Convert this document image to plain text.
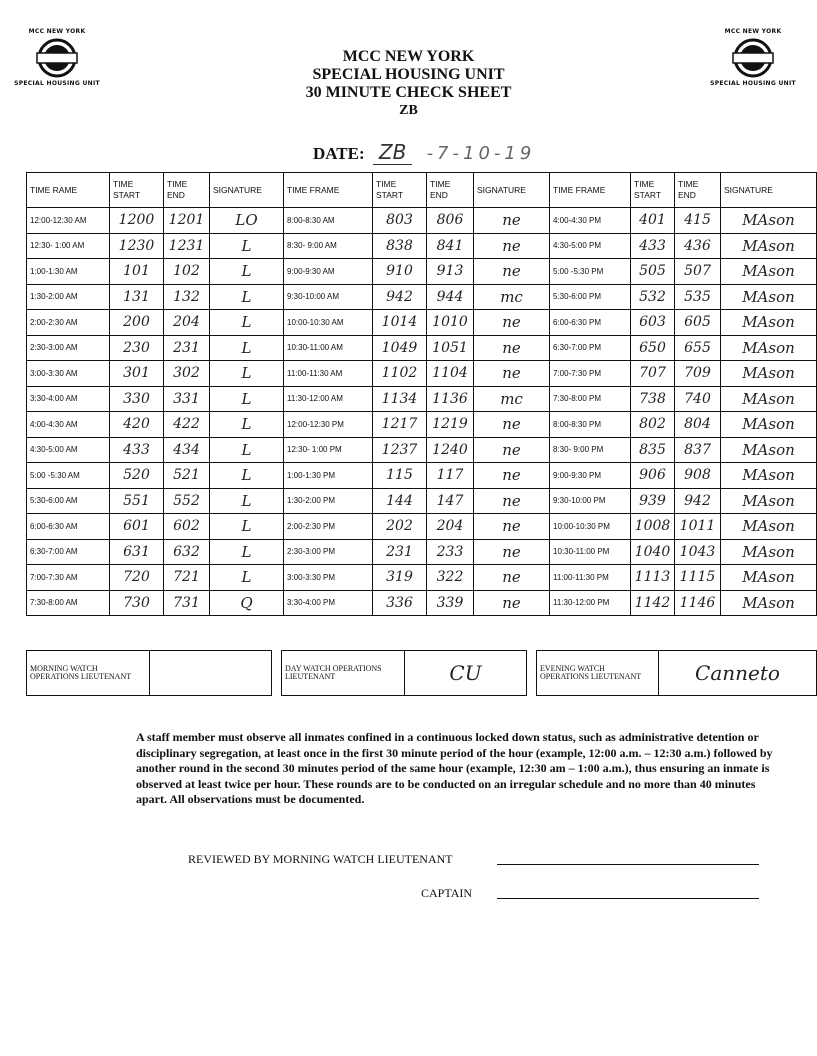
MCC NEW YORK
SPECIAL HOUSING UNIT
MCC NEW YORK
SPECIAL HOUSING UNIT
MCC NEW YORK
SPECIAL HOUSING UNIT
30 MINUTE CHECK SHEET
ZB
DATE: ZB -7-10-19
TIME RAME	TIME START	TIME END	SIGNATURE	TIME FRAME	TIME START	TIME END	SIGNATURE	TIME FRAME	TIME START	TIME END	SIGNATURE
12:00-12:30 AM	1200	1201	LO	8:00-8:30 AM	803	806	ne	4:00-4:30 PM	401	415	MAson
12:30- 1:00 AM	1230	1231	L	8:30- 9:00 AM	838	841	ne	4:30-5:00 PM	433	436	MAson
1:00-1:30 AM	101	102	L	9:00-9:30 AM	910	913	ne	5:00 -5:30 PM	505	507	MAson
1:30-2:00 AM	131	132	L	9:30-10:00 AM	942	944	mc	5:30-6:00 PM	532	535	MAson
2:00-2:30 AM	200	204	L	10:00-10:30 AM	1014	1010	ne	6:00-6:30 PM	603	605	MAson
2:30-3:00 AM	230	231	L	10:30-11:00 AM	1049	1051	ne	6:30-7:00 PM	650	655	MAson
3:00-3:30 AM	301	302	L	11:00-11:30 AM	1102	1104	ne	7:00-7:30 PM	707	709	MAson
3:30-4:00 AM	330	331	L	11:30-12:00 AM	1134	1136	mc	7:30-8:00 PM	738	740	MAson
4:00-4:30 AM	420	422	L	12:00-12:30 PM	1217	1219	ne	8:00-8:30 PM	802	804	MAson
4:30-5:00 AM	433	434	L	12:30- 1:00 PM	1237	1240	ne	8:30- 9:00 PM	835	837	MAson
5:00 -5:30 AM	520	521	L	1:00-1:30 PM	115	117	ne	9:00-9:30 PM	906	908	MAson
5:30-6:00 AM	551	552	L	1:30-2:00 PM	144	147	ne	9:30-10:00 PM	939	942	MAson
6:00-6:30 AM	601	602	L	2:00-2:30 PM	202	204	ne	10:00-10:30 PM	1008	1011	MAson
6:30-7:00 AM	631	632	L	2:30-3:00 PM	231	233	ne	10:30-11:00 PM	1040	1043	MAson
7:00-7:30 AM	720	721	L	3:00-3:30 PM	319	322	ne	11:00-11:30 PM	1113	1115	MAson
7:30-8:00 AM	730	731	Q	3:30-4:00 PM	336	339	ne	11:30-12:00 PM	1142	1146	MAson
MORNING WATCH OPERATIONS LIEUTENANT			DAY WATCH OPERATIONS LIEUTENANT	CU		EVENING WATCH OPERATIONS LIEUTENANT	Canneto
A staff member must observe all inmates confined in a continuous locked down status, such as administrative detention or disciplinary segregation, at least once in the first 30 minute period of the hour (example, 12:00 a.m. – 12:30 a.m.) followed by another round in the second 30 minutes period of the same hour (example, 12:30 am – 1:00 a.m.), thus ensuring an inmate is observed at least twice per hour. These rounds are to be conducted on an irregular schedule and no more than 40 minutes apart. All observations must be documented.
REVIEWED BY MORNING WATCH LIEUTENANT
CAPTAIN
